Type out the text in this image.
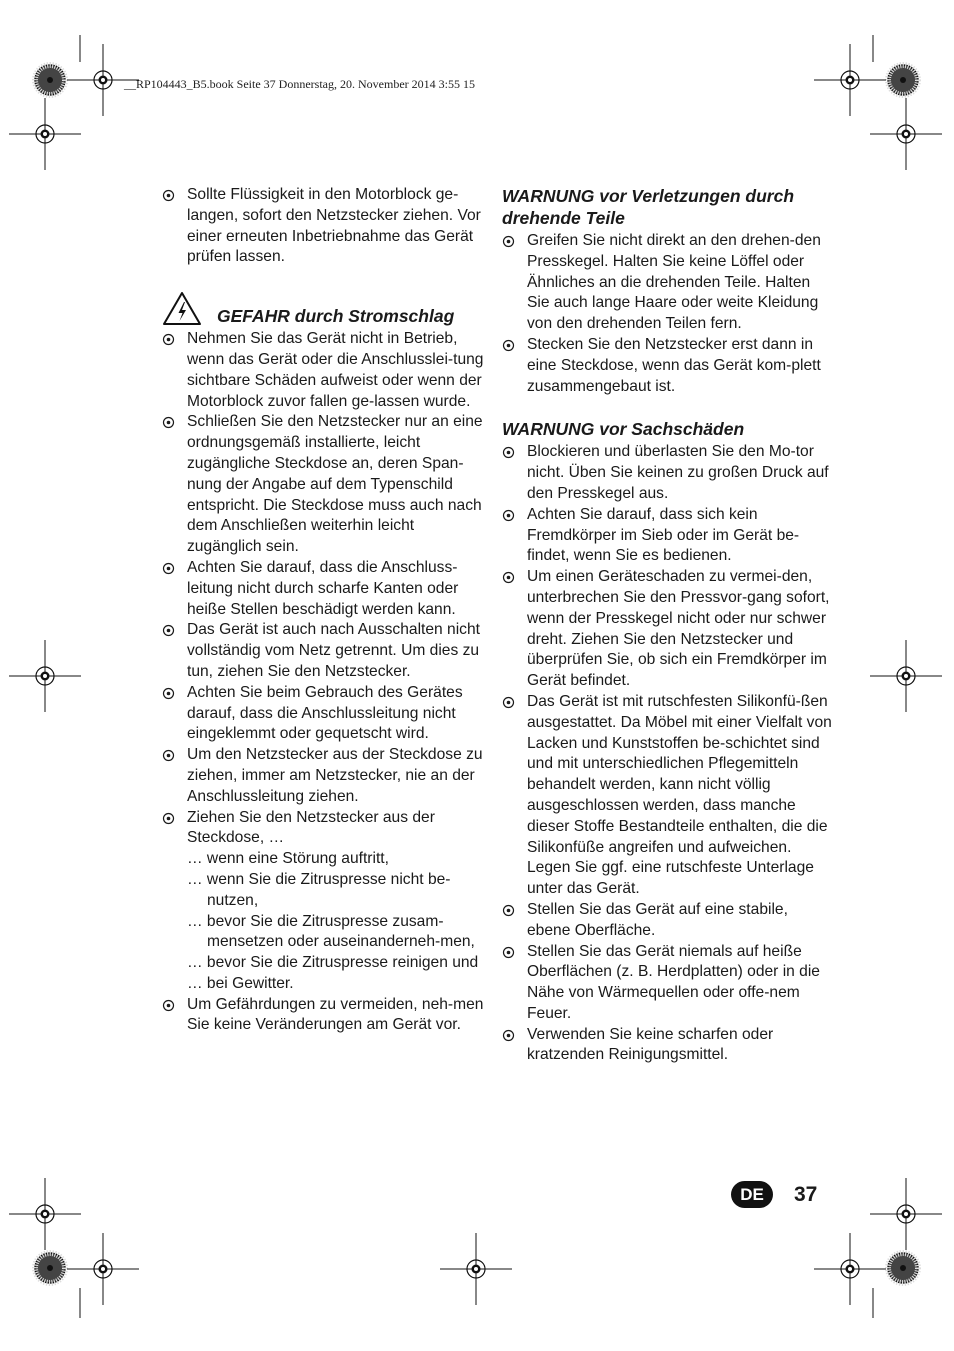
__RP104443_B5.book Seite 37 Donnerstag, 20. November 2014 3:55 15
Sollte Flüssigkeit in den Motorblock ge-langen, sofort den Netzstecker ziehen. Vor einer erneuten Inbetriebnahme das Gerät prüfen lassen.
GEFAHR durch Stromschlag
Nehmen Sie das Gerät nicht in Betrieb, wenn das Gerät oder die Anschlusslei-tung sichtbare Schäden aufweist oder wenn der Motorblock zuvor fallen ge-lassen wurde.
Schließen Sie den Netzstecker nur an eine ordnungsgemäß installierte, leicht zugängliche Steckdose an, deren Span-nung der Angabe auf dem Typenschild entspricht. Die Steckdose muss auch nach dem Anschließen weiterhin leicht zugänglich sein.
Achten Sie darauf, dass die Anschluss-leitung nicht durch scharfe Kanten oder heiße Stellen beschädigt werden kann.
Das Gerät ist auch nach Ausschalten nicht vollständig vom Netz getrennt. Um dies zu tun, ziehen Sie den Netzstecker.
Achten Sie beim Gebrauch des Gerätes darauf, dass die Anschlussleitung nicht eingeklemmt oder gequetscht wird.
Um den Netzstecker aus der Steckdose zu ziehen, immer am Netzstecker, nie an der Anschlussleitung ziehen.
Ziehen Sie den Netzstecker aus der Steckdose, …
… wenn eine Störung auftritt,
… wenn Sie die Zitruspresse nicht be-nutzen,
… bevor Sie die Zitruspresse zusam-mensetzen oder auseinanderneh-men,
… bevor Sie die Zitruspresse reinigen und
… bei Gewitter.
Um Gefährdungen zu vermeiden, neh-men Sie keine Veränderungen am Gerät vor.
WARNUNG vor Verletzungen durch drehende Teile
Greifen Sie nicht direkt an den drehen-den Presskegel. Halten Sie keine Löffel oder Ähnliches an die drehenden Teile. Halten Sie auch lange Haare oder weite Kleidung von den drehenden Teilen fern.
Stecken Sie den Netzstecker erst dann in eine Steckdose, wenn das Gerät kom-plett zusammengebaut ist.
WARNUNG vor Sachschäden
Blockieren und überlasten Sie den Mo-tor nicht. Üben Sie keinen zu großen Druck auf den Presskegel aus.
Achten Sie darauf, dass sich kein Fremdkörper im Sieb oder im Gerät be-findet, wenn Sie es bedienen.
Um einen Geräteschaden zu vermei-den, unterbrechen Sie den Pressvor-gang sofort, wenn der Presskegel nicht oder nur schwer dreht. Ziehen Sie den Netzstecker und überprüfen Sie, ob sich ein Fremdkörper im Gerät befindet.
Das Gerät ist mit rutschfesten Silikonfü-ßen ausgestattet. Da Möbel mit einer Vielfalt von Lacken und Kunststoffen be-schichtet sind und mit unterschiedlichen Pflegemitteln behandelt werden, kann nicht völlig ausgeschlossen werden, dass manche dieser Stoffe Bestandteile enthalten, die die Silikonfüße angreifen und aufweichen. Legen Sie ggf. eine rutschfeste Unterlage unter das Gerät.
Stellen Sie das Gerät auf eine stabile, ebene Oberfläche.
Stellen Sie das Gerät niemals auf heiße Oberflächen (z. B. Herdplatten) oder in die Nähe von Wärmequellen oder offe-nem Feuer.
Verwenden Sie keine scharfen oder kratzenden Reinigungsmittel.
DE	37
